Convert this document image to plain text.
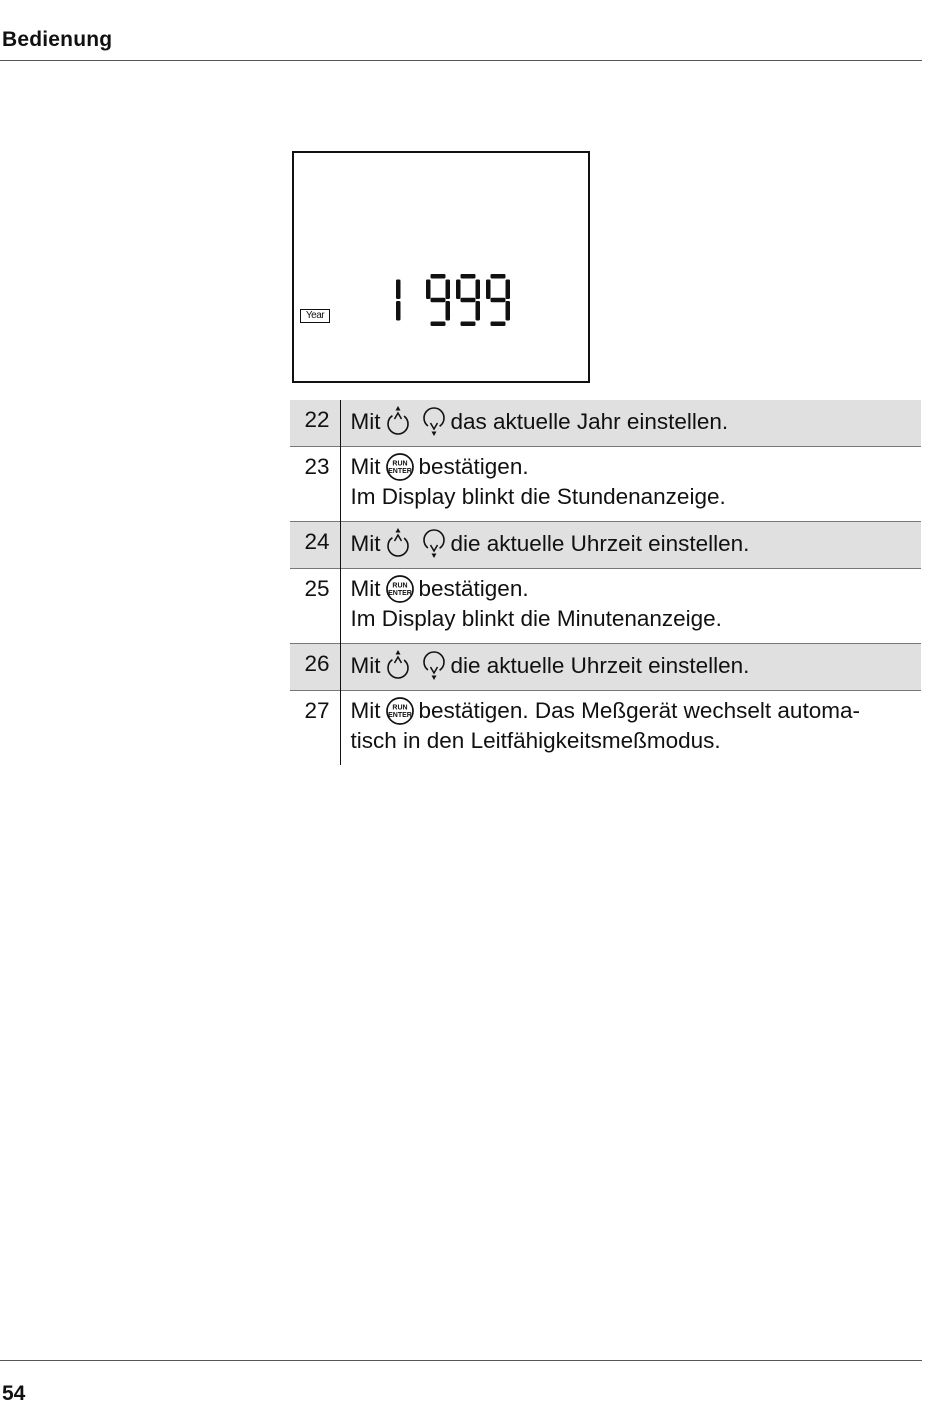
Bedienung
Year
22	Mit das aktuelle Jahr einstellen.

23	Mit RUN
ENTER bestätigen.
Im Display blinkt die Stundenanzeige.

24	Mit die aktuelle Uhrzeit einstellen.

25	Mit RUN
ENTER bestätigen.
Im Display blinkt die Minutenanzeige.

26	Mit die aktuelle Uhrzeit einstellen.

27	Mit RUN
ENTER bestätigen. Das Meßgerät wechselt automa-
tisch in den Leitfähigkeitsmeßmodus.
54
